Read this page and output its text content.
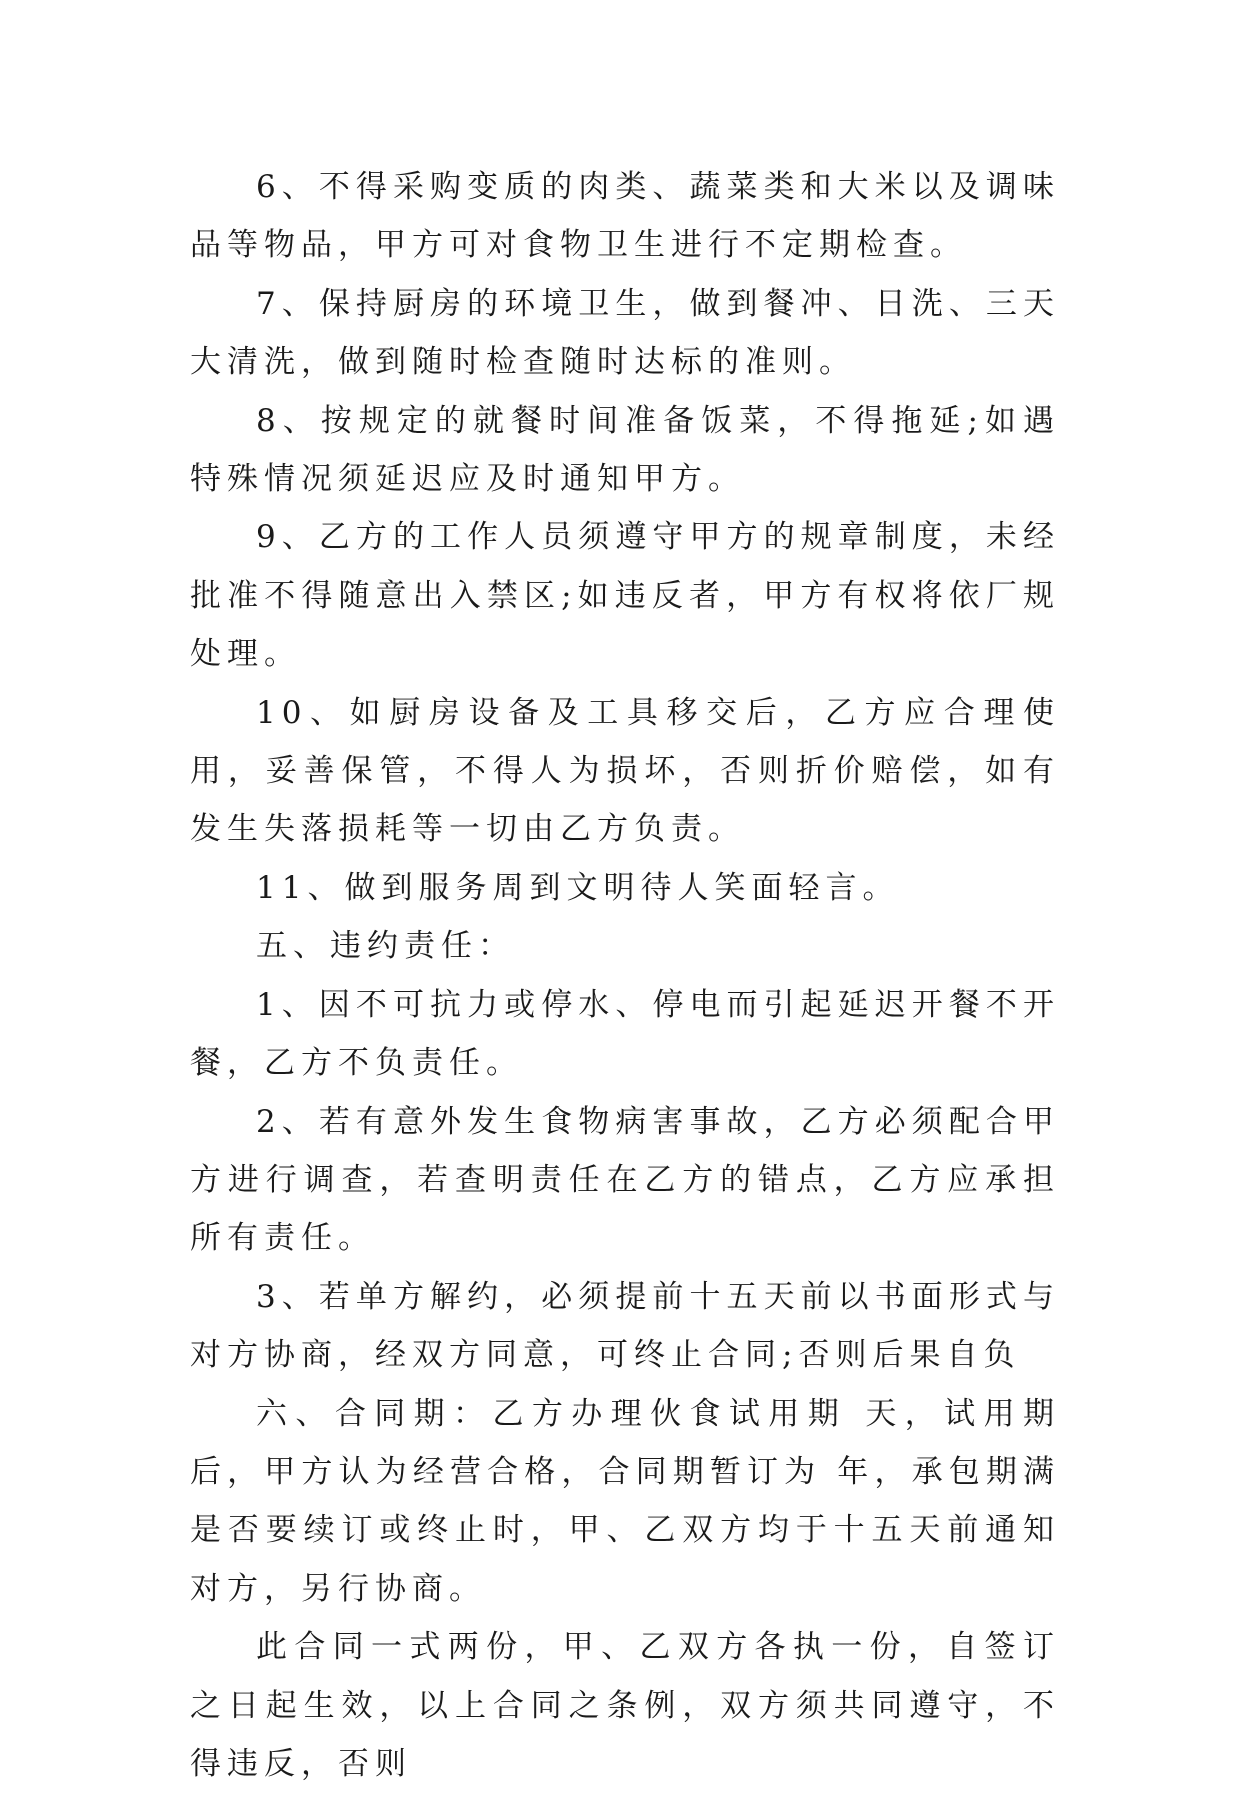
6、不得采购变质的肉类、蔬菜类和大米以及调味品等物品，甲方可对食物卫生进行不定期检查。

7、保持厨房的环境卫生，做到餐冲、日洗、三天大清洗，做到随时检查随时达标的准则。

8、按规定的就餐时间准备饭菜，不得拖延;如遇特殊情况须延迟应及时通知甲方。

9、乙方的工作人员须遵守甲方的规章制度，未经批准不得随意出入禁区;如违反者，甲方有权将依厂规处理。

10、如厨房设备及工具移交后，乙方应合理使用，妥善保管，不得人为损坏，否则折价赔偿，如有发生失落损耗等一切由乙方负责。

11、做到服务周到文明待人笑面轻言。

五、违约责任：

1、因不可抗力或停水、停电而引起延迟开餐不开餐，乙方不负责任。

2、若有意外发生食物病害事故，乙方必须配合甲方进行调查，若查明责任在乙方的错点，乙方应承担所有责任。

3、若单方解约，必须提前十五天前以书面形式与对方协商，经双方同意，可终止合同;否则后果自负

六、合同期：乙方办理伙食试用期 天，试用期后，甲方认为经营合格，合同期暂订为 年，承包期满是否要续订或终止时，甲、乙双方均于十五天前通知对方，另行协商。

此合同一式两份，甲、乙双方各执一份，自签订之日起生效，以上合同之条例，双方须共同遵守，不得违反，否则
